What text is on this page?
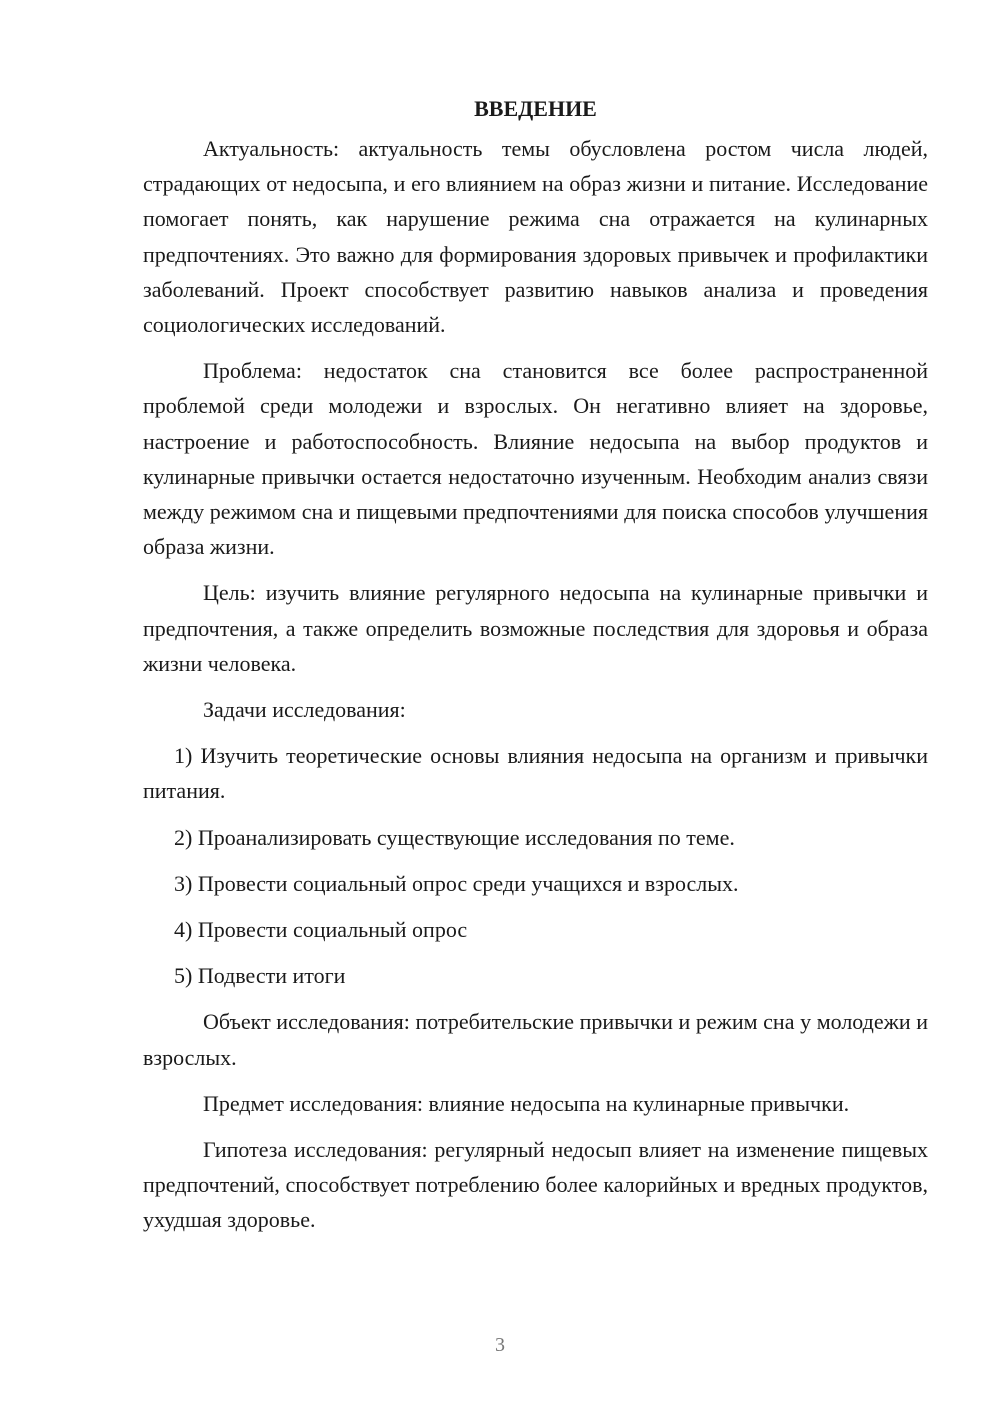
ВВЕДЕНИЕ

Актуальность: актуальность темы обусловлена ростом числа людей, страдающих от недосыпа, и его влиянием на образ жизни и питание. Исследование помогает понять, как нарушение режима сна отражается на кулинарных предпочтениях. Это важно для формирования здоровых привычек и профилактики заболеваний. Проект способствует развитию навыков анализа и проведения социологических исследований.

Проблема: недостаток сна становится все более распространенной проблемой среди молодежи и взрослых. Он негативно влияет на здоровье, настроение и работоспособность. Влияние недосыпа на выбор продуктов и кулинарные привычки остается недостаточно изученным. Необходим анализ связи между режимом сна и пищевыми предпочтениями для поиска способов улучшения образа жизни.

Цель: изучить влияние регулярного недосыпа на кулинарные привычки и предпочтения, а также определить возможные последствия для здоровья и образа жизни человека.

Задачи исследования:

1) Изучить теоретические основы влияния недосыпа на организм и привычки питания.

2) Проанализировать существующие исследования по теме.

3) Провести социальный опрос среди учащихся и взрослых.

4) Провести социальный опрос

5) Подвести итоги

Объект исследования: потребительские привычки и режим сна у молодежи и взрослых.

Предмет исследования: влияние недосыпа на кулинарные привычки.

Гипотеза исследования: регулярный недосып влияет на изменение пищевых предпочтений, способствует потреблению более калорийных и вредных продуктов, ухудшая здоровье.

3
